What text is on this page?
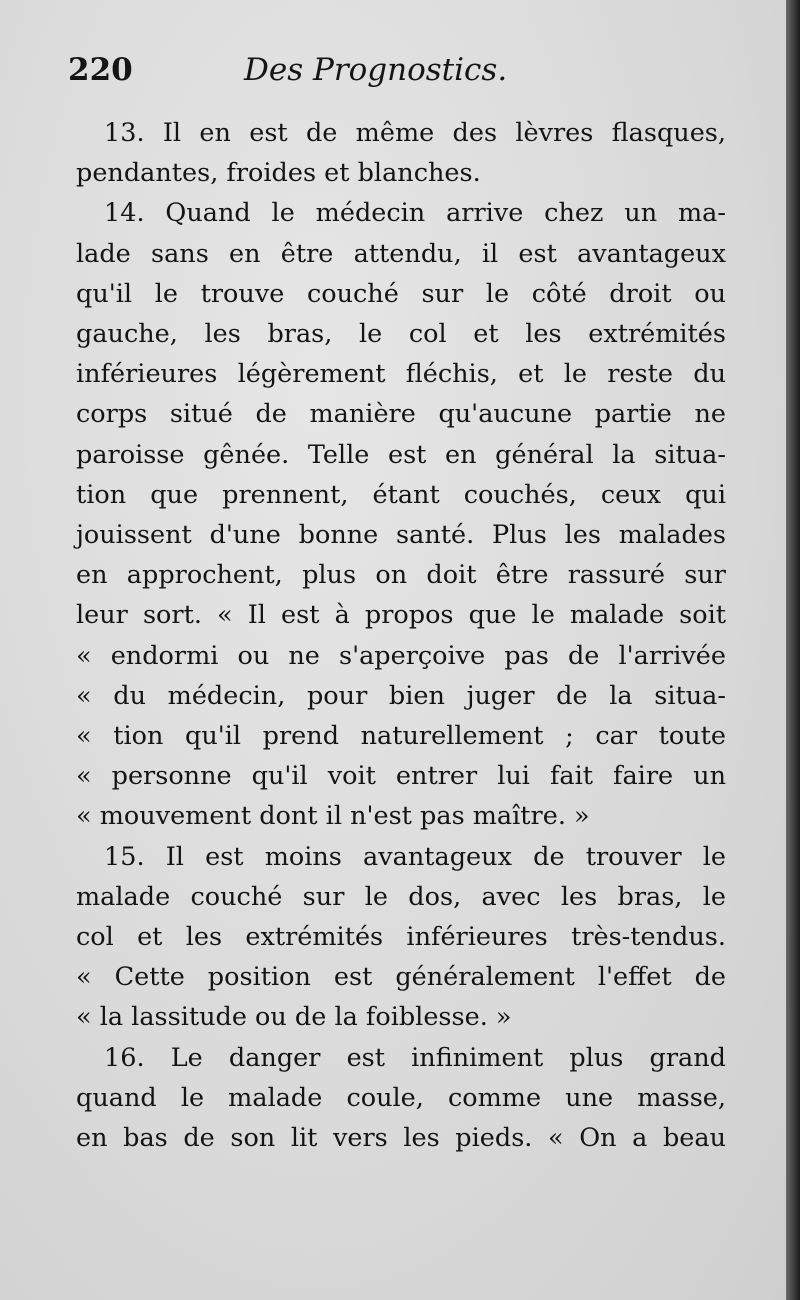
220	Des Prognostics.
13. Il en est de même des lèvres flasques,
pendantes, froides et blanches.
14. Quand le médecin arrive chez un ma-
lade sans en être attendu, il est avantageux
qu'il le trouve couché sur le côté droit ou
gauche, les bras, le col et les extrémités
inférieures légèrement fléchis, et le reste du
corps situé de manière qu'aucune partie ne
paroisse gênée. Telle est en général la situa-
tion que prennent, étant couchés, ceux qui
jouissent d'une bonne santé. Plus les malades
en approchent, plus on doit être rassuré sur
leur sort. « Il est à propos que le malade soit
« endormi ou ne s'aperçoive pas de l'arrivée
« du médecin, pour bien juger de la situa-
« tion qu'il prend naturellement ; car toute
« personne qu'il voit entrer lui fait faire un
« mouvement dont il n'est pas maître. »
15. Il est moins avantageux de trouver le
malade couché sur le dos, avec les bras, le
col et les extrémités inférieures très-tendus.
« Cette position est généralement l'effet de
« la lassitude ou de la foiblesse. »
16. Le danger est infiniment plus grand
quand le malade coule, comme une masse,
en bas de son lit vers les pieds. « On a beau
